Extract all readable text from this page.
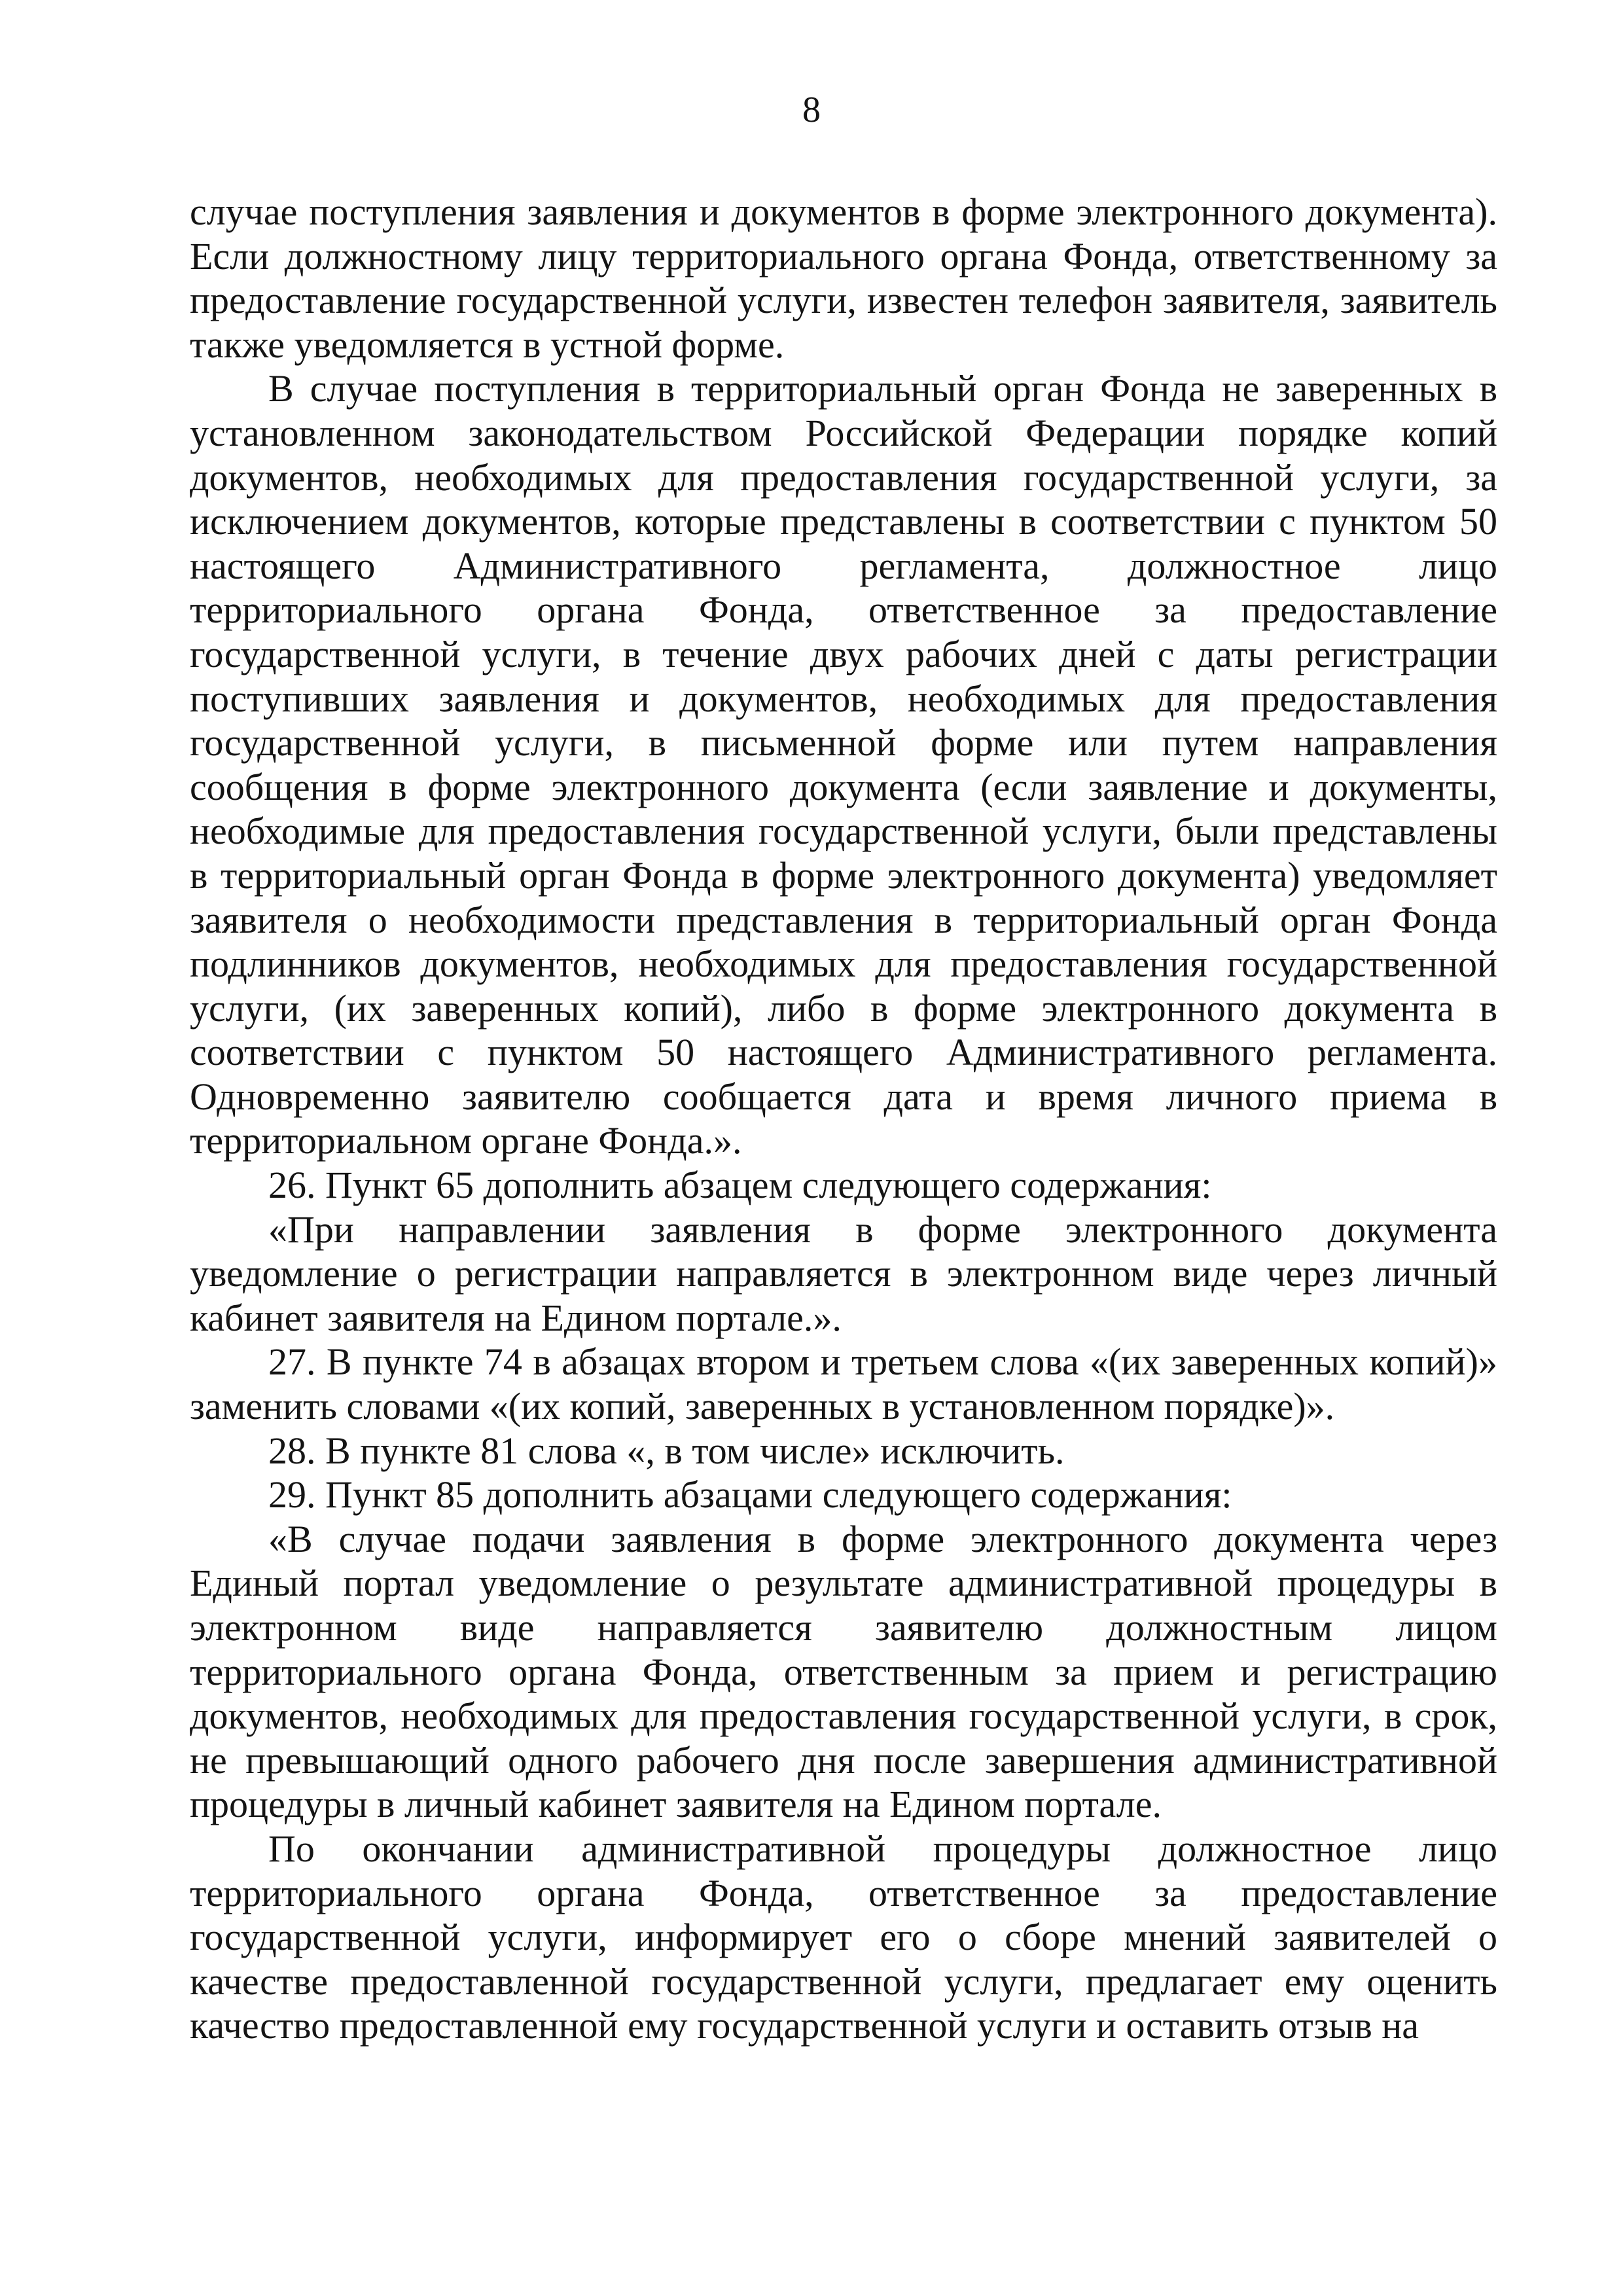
8

случае поступления заявления и документов в форме электронного документа). Если должностному лицу территориального органа Фонда, ответственному за предоставление государственной услуги, известен телефон заявителя, заявитель также уведомляется в устной форме.

В случае поступления в территориальный орган Фонда не заверенных в установленном законодательством Российской Федерации порядке копий документов, необходимых для предоставления государственной услуги, за исключением документов, которые представлены в соответствии с пунктом 50 настоящего Административного регламента, должностное лицо территориального органа Фонда, ответственное за предоставление государственной услуги, в течение двух рабочих дней с даты регистрации поступивших заявления и документов, необходимых для предоставления государственной услуги, в письменной форме или путем направления сообщения в форме электронного документа (если заявление и документы, необходимые для предоставления государственной услуги, были представлены в территориальный орган Фонда в форме электронного документа) уведомляет заявителя о необходимости представления в территориальный орган Фонда подлинников документов, необходимых для предоставления государственной услуги, (их заверенных копий), либо в форме электронного документа в соответствии с пунктом 50 настоящего Административного регламента. Одновременно заявителю сообщается дата и время личного приема в территориальном органе Фонда.».

26. Пункт 65 дополнить абзацем следующего содержания:

«При направлении заявления в форме электронного документа уведомление о регистрации направляется в электронном виде через личный кабинет заявителя на Едином портале.».

27. В пункте 74 в абзацах втором и третьем слова «(их заверенных копий)» заменить словами «(их копий, заверенных в установленном порядке)».

28. В пункте 81 слова «, в том числе» исключить.

29. Пункт 85 дополнить абзацами следующего содержания:

«В случае подачи заявления в форме электронного документа через Единый портал уведомление о результате административной процедуры в электронном виде направляется заявителю должностным лицом территориального органа Фонда, ответственным за прием и регистрацию документов, необходимых для предоставления государственной услуги, в срок, не превышающий одного рабочего дня после завершения административной процедуры в личный кабинет заявителя на Едином портале.

По окончании административной процедуры должностное лицо территориального органа Фонда, ответственное за предоставление государственной услуги, информирует его о сборе мнений заявителей о качестве предоставленной государственной услуги, предлагает ему оценить качество предоставленной ему государственной услуги и оставить отзыв на
